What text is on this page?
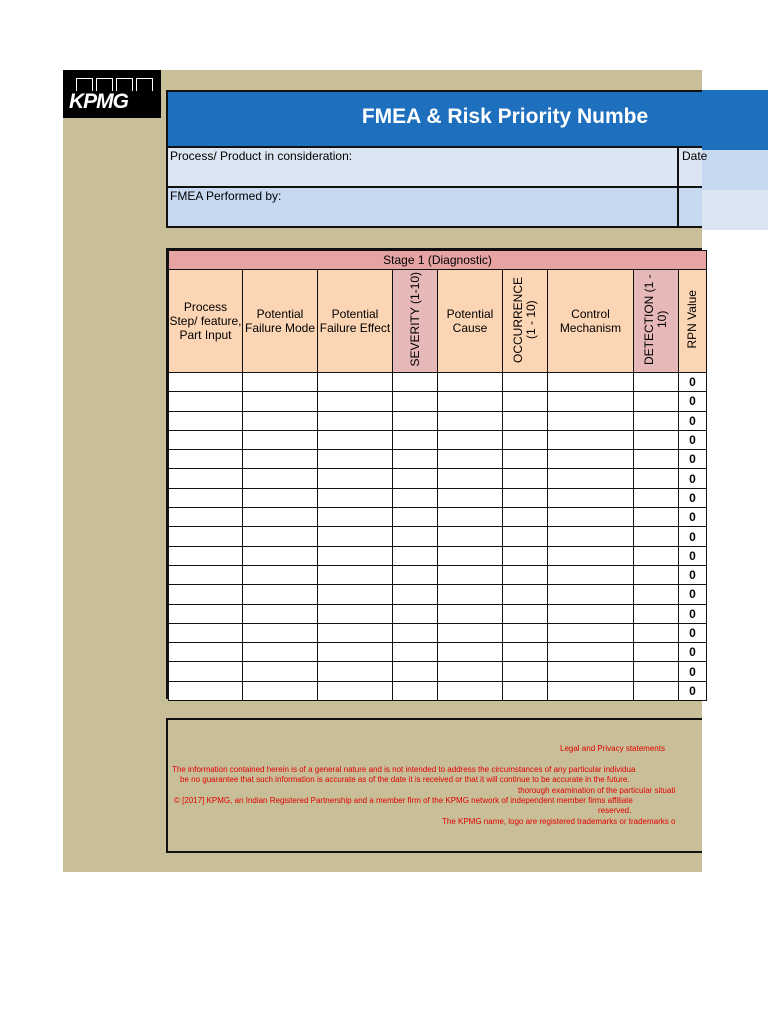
KPMG
FMEA & Risk Priority Numbe
Process/ Product in consideration:	Date
FMEA Performed by:
Stage 1 (Diagnostic)								
Process Step/ feature, Part Input	Potential Failure Mode	Potential Failure Effect	SEVERITY (1-10)	Potential Cause	OCCURRENCE (1 - 10)	Control Mechanism	DETECTION (1 - 10)	RPN Value
								0
								0
								0
								0
								0
								0
								0
								0
								0
								0
								0
								0
								0
								0
								0
								0
								0
Legal and Privacy statements
The information contained herein is of a general nature and is not intended to address the circumstances of any particular individua
be no guarantee that such information is accurate as of the date it is received or that it will continue to be accurate in the future.
thorough examination of the particular situati
© [2017] KPMG, an Indian Registered Partnership and a member firm of the KPMG network of independent member firms affiliate
reserved.
The KPMG name, logo are registered trademarks or trademarks o
